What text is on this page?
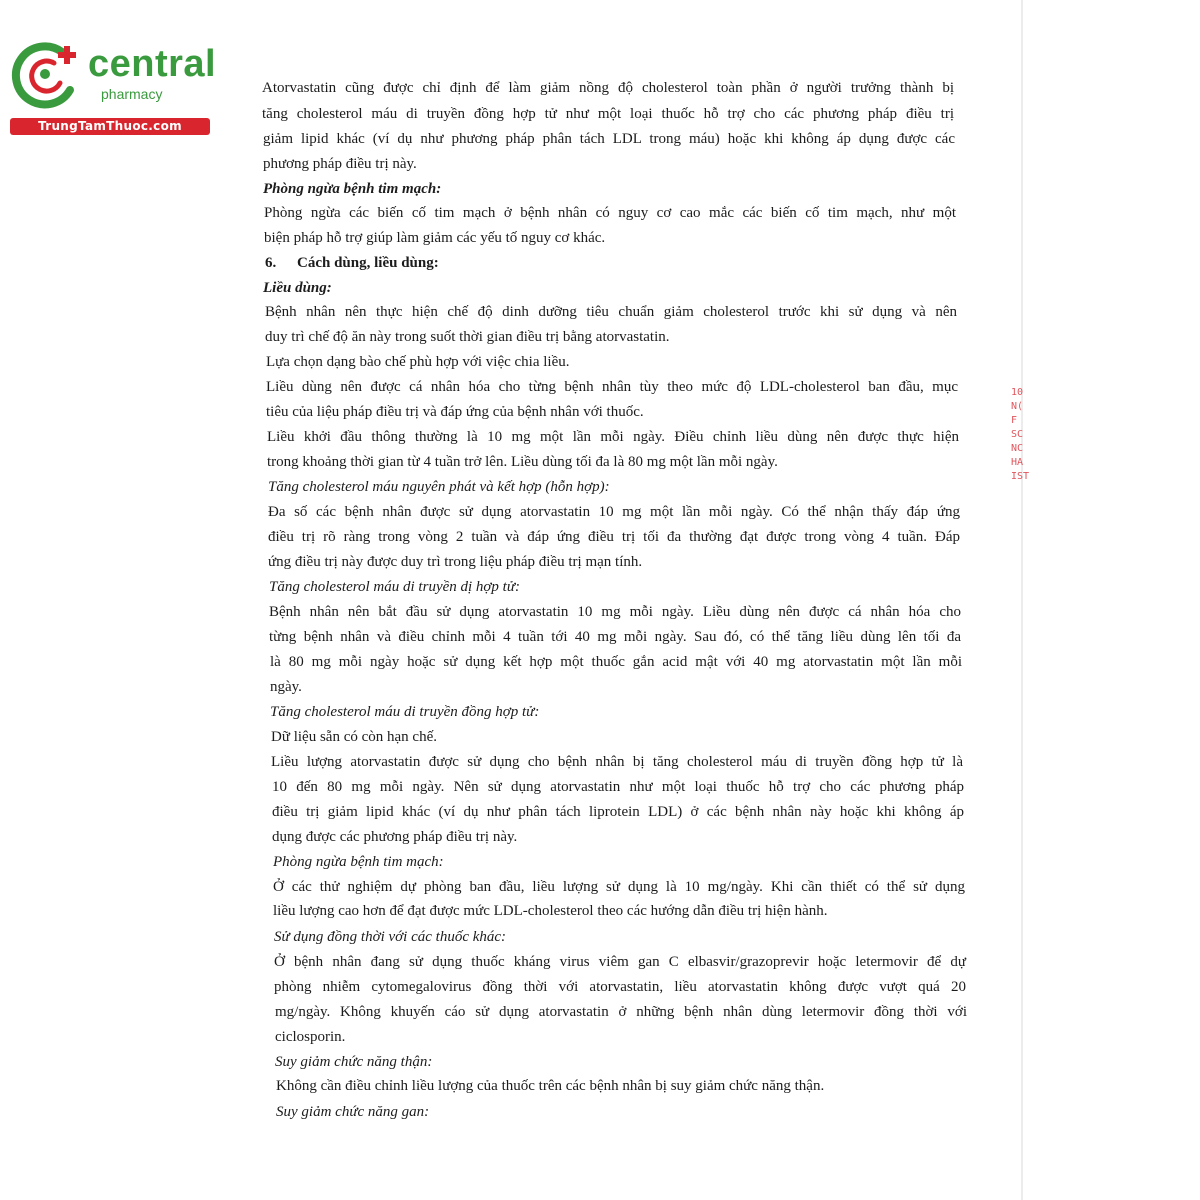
central
pharmacy
TrungTamThuoc.com
10
N(
F
SC
NC
HA
IST
Atorvastatin cũng được chỉ định để làm giảm nồng độ cholesterol toàn phần ở người trưởng thành bị
tăng cholesterol máu di truyền đồng hợp tử như một loại thuốc hỗ trợ cho các phương pháp điều trị
giảm lipid khác (ví dụ như phương pháp phân tách LDL trong máu) hoặc khi không áp dụng được các
phương pháp điều trị này.
Phòng ngừa bệnh tim mạch:
Phòng ngừa các biến cố tim mạch ở bệnh nhân có nguy cơ cao mắc các biến cố tim mạch, như một
biện pháp hỗ trợ giúp làm giảm các yếu tố nguy cơ khác.
6. Cách dùng, liều dùng:
Liều dùng:
Bệnh nhân nên thực hiện chế độ dinh dưỡng tiêu chuẩn giảm cholesterol trước khi sử dụng và nên
duy trì chế độ ăn này trong suốt thời gian điều trị bằng atorvastatin.
Lựa chọn dạng bào chế phù hợp với việc chia liều.
Liều dùng nên được cá nhân hóa cho từng bệnh nhân tùy theo mức độ LDL-cholesterol ban đầu, mục
tiêu của liệu pháp điều trị và đáp ứng của bệnh nhân với thuốc.
Liều khởi đầu thông thường là 10 mg một lần mỗi ngày. Điều chỉnh liều dùng nên được thực hiện
trong khoảng thời gian từ 4 tuần trở lên. Liều dùng tối đa là 80 mg một lần mỗi ngày.
Tăng cholesterol máu nguyên phát và kết hợp (hỗn hợp):
Đa số các bệnh nhân được sử dụng atorvastatin 10 mg một lần mỗi ngày. Có thể nhận thấy đáp ứng
điều trị rõ ràng trong vòng 2 tuần và đáp ứng điều trị tối đa thường đạt được trong vòng 4 tuần. Đáp
ứng điều trị này được duy trì trong liệu pháp điều trị mạn tính.
Tăng cholesterol máu di truyền dị hợp tử:
Bệnh nhân nên bắt đầu sử dụng atorvastatin 10 mg mỗi ngày. Liều dùng nên được cá nhân hóa cho
từng bệnh nhân và điều chỉnh mỗi 4 tuần tới 40 mg mỗi ngày. Sau đó, có thể tăng liều dùng lên tối đa
là 80 mg mỗi ngày hoặc sử dụng kết hợp một thuốc gắn acid mật với 40 mg atorvastatin một lần mỗi
ngày.
Tăng cholesterol máu di truyền đồng hợp tử:
Dữ liệu sẵn có còn hạn chế.
Liều lượng atorvastatin được sử dụng cho bệnh nhân bị tăng cholesterol máu di truyền đồng hợp tử là
10 đến 80 mg mỗi ngày. Nên sử dụng atorvastatin như một loại thuốc hỗ trợ cho các phương pháp
điều trị giảm lipid khác (ví dụ như phân tách liprotein LDL) ở các bệnh nhân này hoặc khi không áp
dụng được các phương pháp điều trị này.
Phòng ngừa bệnh tim mạch:
Ở các thử nghiệm dự phòng ban đầu, liều lượng sử dụng là 10 mg/ngày. Khi cần thiết có thể sử dụng
liều lượng cao hơn để đạt được mức LDL-cholesterol theo các hướng dẫn điều trị hiện hành.
Sử dụng đồng thời với các thuốc khác:
Ở bệnh nhân đang sử dụng thuốc kháng virus viêm gan C elbasvir/grazoprevir hoặc letermovir để dự
phòng nhiễm cytomegalovirus đồng thời với atorvastatin, liều atorvastatin không được vượt quá 20
mg/ngày. Không khuyến cáo sử dụng atorvastatin ở những bệnh nhân dùng letermovir đồng thời với
ciclosporin.
Suy giảm chức năng thận:
Không cần điều chỉnh liều lượng của thuốc trên các bệnh nhân bị suy giảm chức năng thận.
Suy giảm chức năng gan:
